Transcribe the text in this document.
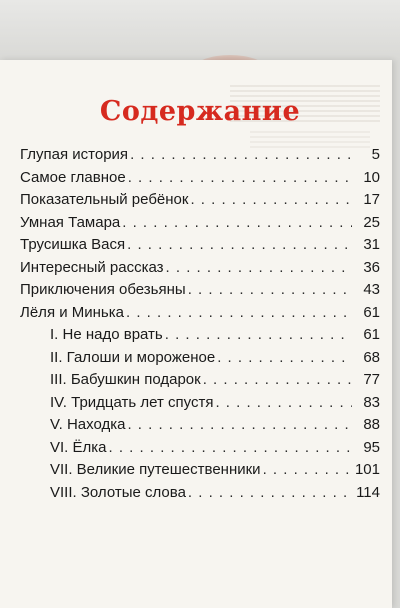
Содержание
Глупая история . . .	5
Самое главное . . .	10
Показательный ребёнок . . .	17
Умная Тамара . . .	25
Трусишка Вася . . .	31
Интересный рассказ . . .	36
Приключения обезьяны . . .	43
Лёля и Минька . . .	61
I. Не надо врать . . .	61
II. Галоши и мороженое . . .	68
III. Бабушкин подарок . . .	77
IV. Тридцать лет спустя . . .	83
V. Находка . . .	88
VI. Ёлка . . .	95
VII. Великие путешественники . . .	101
VIII. Золотые слова . . .	114
